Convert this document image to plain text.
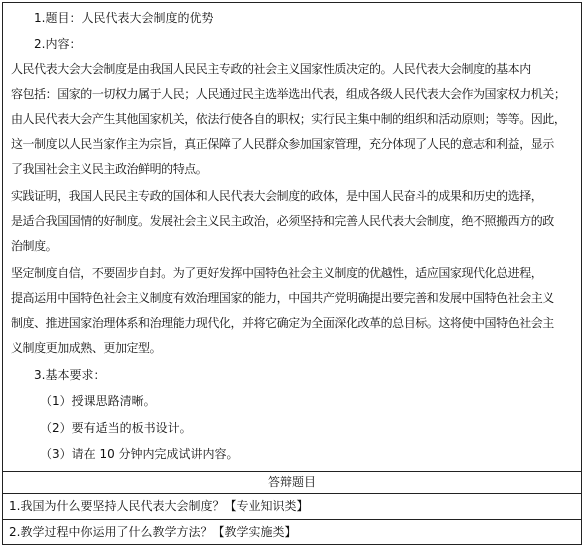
1.题目：人民代表大会制度的优势
2.内容：
人民代表大会大会制度是由我国人民民主专政的社会主义国家性质决定的。人民代表大会制度的基本内
容包括：国家的一切权力属于人民；人民通过民主选举选出代表，组成各级人民代表大会作为国家权力机关；
由人民代表大会产生其他国家机关，依法行使各自的职权；实行民主集中制的组织和活动原则；等等。因此，
这一制度以人民当家作主为宗旨，真正保障了人民群众参加国家管理，充分体现了人民的意志和利益，显示
了我国社会主义民主政治鲜明的特点。
实践证明，我国人民民主专政的国体和人民代表大会制度的政体，是中国人民奋斗的成果和历史的选择，
是适合我国国情的好制度。发展社会主义民主政治，必须坚持和完善人民代表大会制度，绝不照搬西方的政
治制度。
坚定制度自信，不要固步自封。为了更好发挥中国特色社会主义制度的优越性，适应国家现代化总进程，
提高运用中国特色社会主义制度有效治理国家的能力，中国共产党明确提出要完善和发展中国特色社会主义
制度、推进国家治理体系和治理能力现代化，并将它确定为全面深化改革的总目标。这将使中国特色社会主
义制度更加成熟、更加定型。
3.基本要求：
（1）授课思路清晰。
（2）要有适当的板书设计。
（3）请在 10 分钟内完成试讲内容。
答辩题目
1.我国为什么要坚持人民代表大会制度？【专业知识类】
2.教学过程中你运用了什么教学方法？【教学实施类】
